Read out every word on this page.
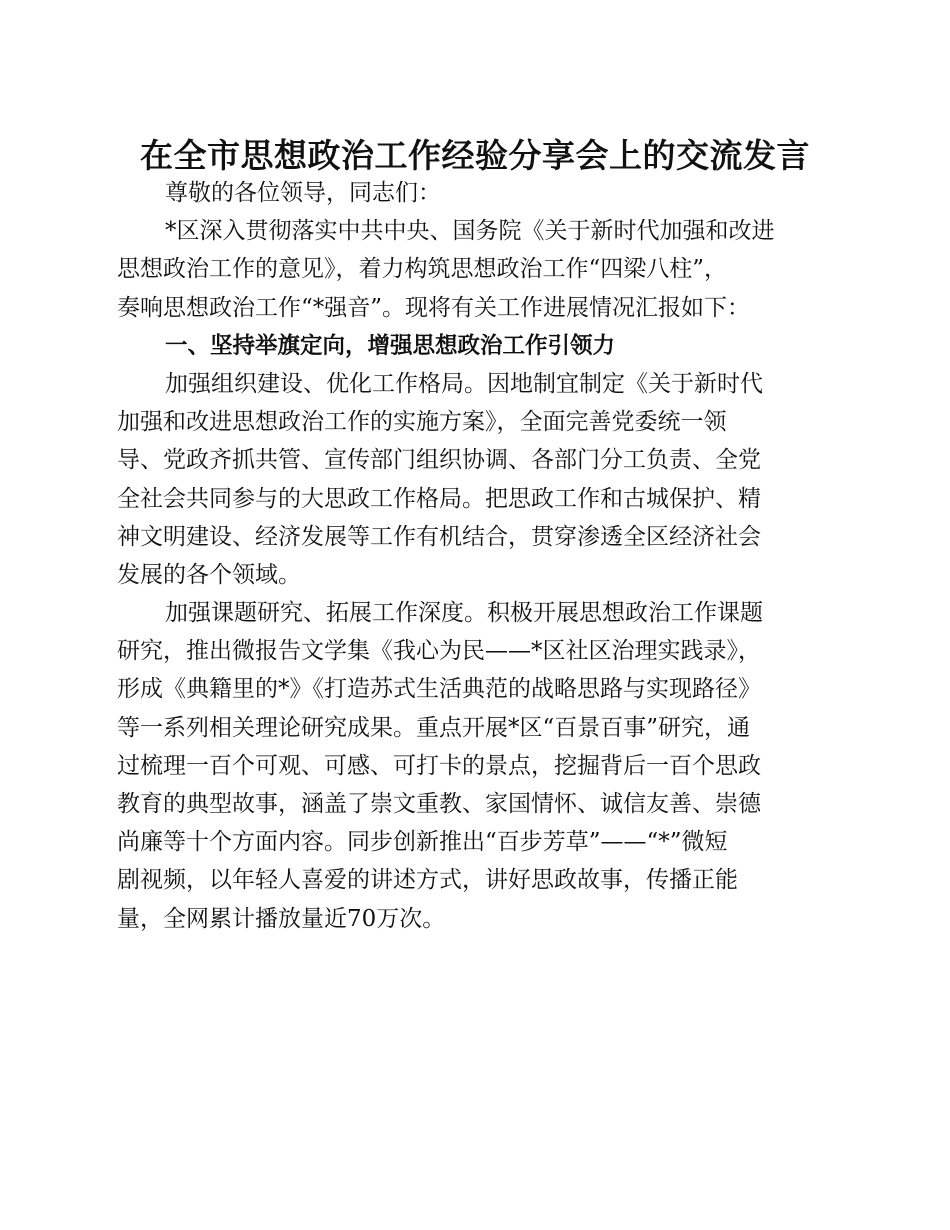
在全市思想政治工作经验分享会上的交流发言

尊敬的各位领导，同志们：

*区深入贯彻落实中共中央、国务院《关于新时代加强和改进
思想政治工作的意见》，着力构筑思想政治工作“四梁八柱”，
奏响思想政治工作“*强音”。现将有关工作进展情况汇报如下：

一、坚持举旗定向，增强思想政治工作引领力

加强组织建设、优化工作格局。因地制宜制定《关于新时代
加强和改进思想政治工作的实施方案》，全面完善党委统一领
导、党政齐抓共管、宣传部门组织协调、各部门分工负责、全党
全社会共同参与的大思政工作格局。把思政工作和古城保护、精
神文明建设、经济发展等工作有机结合，贯穿渗透全区经济社会
发展的各个领域。

加强课题研究、拓展工作深度。积极开展思想政治工作课题
研究，推出微报告文学集《我心为民——*区社区治理实践录》，
形成《典籍里的*》《打造苏式生活典范的战略思路与实现路径》
等一系列相关理论研究成果。重点开展*区“百景百事”研究，通
过梳理一百个可观、可感、可打卡的景点，挖掘背后一百个思政
教育的典型故事，涵盖了崇文重教、家国情怀、诚信友善、崇德
尚廉等十个方面内容。同步创新推出“百步芳草”——“*”微短
剧视频，以年轻人喜爱的讲述方式，讲好思政故事，传播正能
量，全网累计播放量近70万次。
